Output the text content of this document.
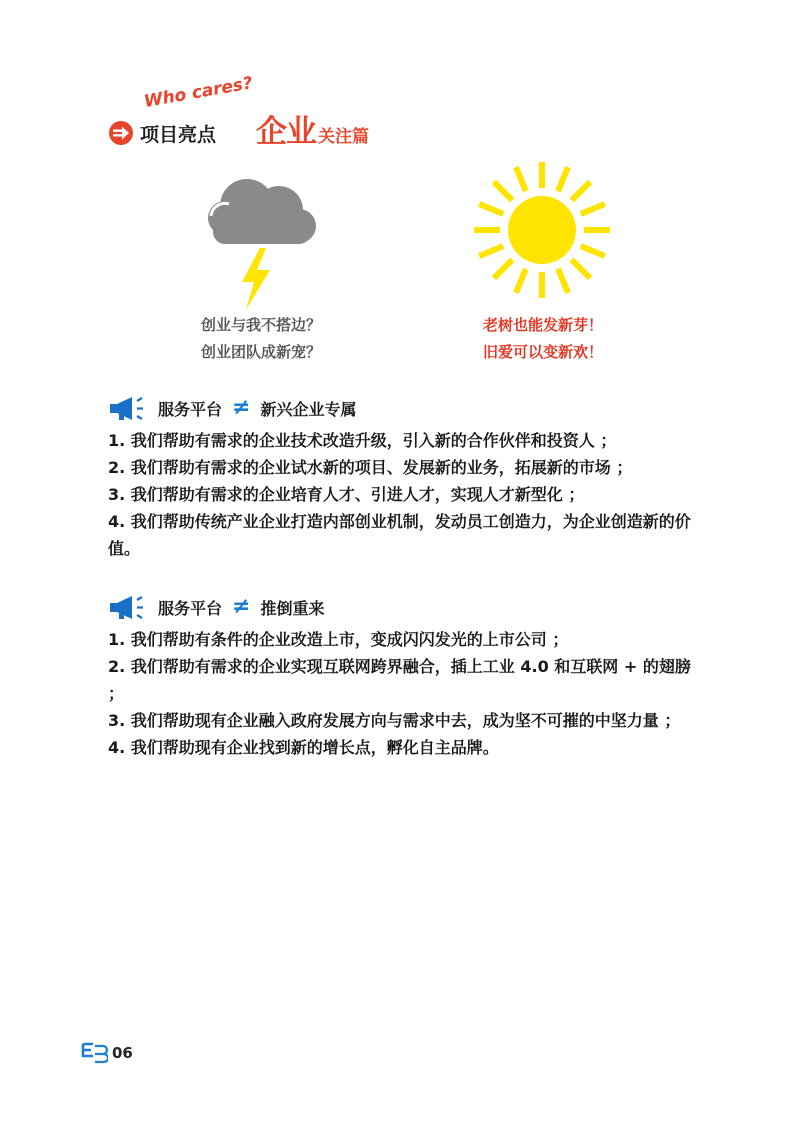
Who cares?
项目亮点 企业 关注篇
创业与我不搭边？
创业团队成新宠？
老树也能发新芽！
旧爱可以变新欢！
服务平台 ≠ 新兴企业专属
1. 我们帮助有需求的企业技术改造升级，引入新的合作伙伴和投资人 ；
2. 我们帮助有需求的企业试水新的项目、发展新的业务，拓展新的市场 ；
3. 我们帮助有需求的企业培育人才、引进人才，实现人才新型化 ；
4. 我们帮助传统产业企业打造内部创业机制，发动员工创造力，为企业创造新的价值。
服务平台 ≠ 推倒重来
1. 我们帮助有条件的企业改造上市，变成闪闪发光的上市公司 ；
2. 我们帮助有需求的企业实现互联网跨界融合，插上工业 4.0 和互联网 + 的翅膀 ；
3. 我们帮助现有企业融入政府发展方向与需求中去，成为坚不可摧的中坚力量 ；
4. 我们帮助现有企业找到新的增长点，孵化自主品牌。
06
